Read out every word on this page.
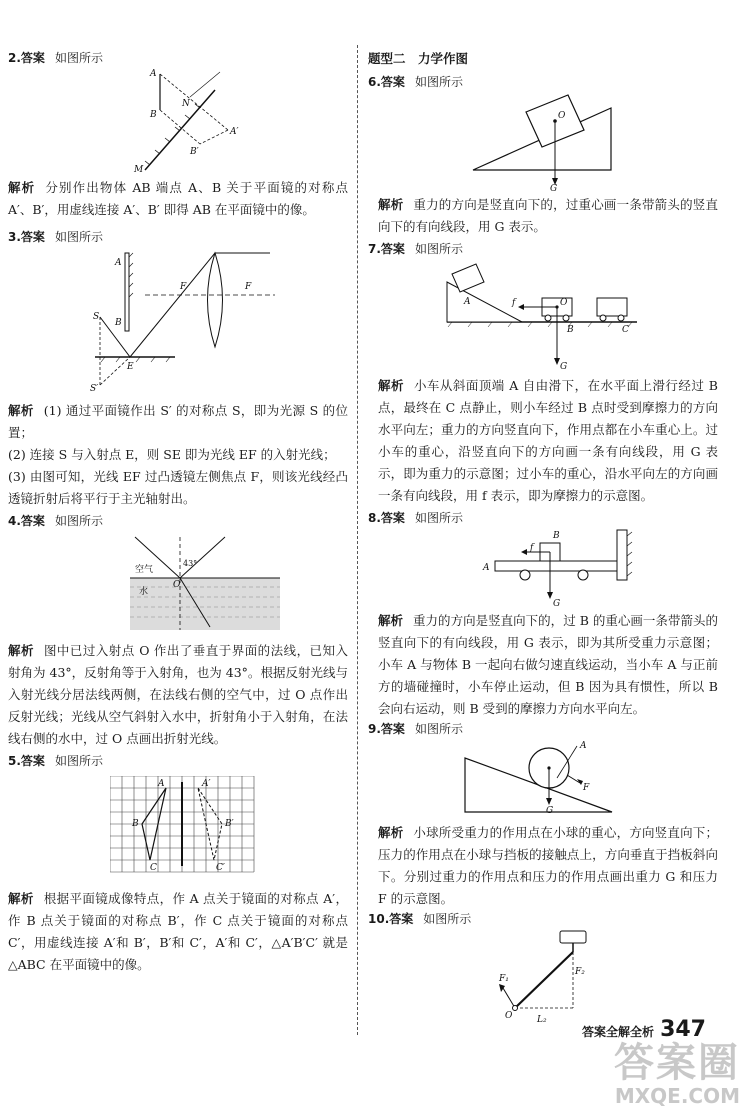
2.答案 如图所示
A
B
N
A′
B′
M
解析 分别作出物体 AB 端点 A、B 关于平面镜的对称点 A′、B′，用虚线连接 A′、B′ 即得 AB 在平面镜中的像。
3.答案 如图所示
A
B
S
F	F
E
S′

解析 (1) 通过平面镜作出 S′ 的对称点 S，即为光源 S 的位置；

(2) 连接 S 与入射点 E，则 SE 即为光线 EF 的入射光线；

(3) 由图可知，光线 EF 过凸透镜左侧焦点 F，则该光线经凸透镜折射后将平行于主光轴射出。

4.答案 如图所示
43°
空气
水
O
解析 图中已过入射点 O 作出了垂直于界面的法线，已知入射角为 43°，反射角等于入射角，也为 43°。根据反射光线与入射光线分居法线两侧，在法线右侧的空气中，过 O 点作出反射光线；光线从空气斜射入水中，折射角小于入射角，在法线右侧的水中，过 O 点画出折射光线。
5.答案 如图所示
A
B
C
A′
B′
C′
解析 根据平面镜成像特点，作 A 点关于镜面的对称点 A′，作 B 点关于镜面的对称点 B′，作 C 点关于镜面的对称点 C′，用虚线连接 A′和 B′，B′和 C′，A′和 C′，△A′B′C′ 就是△ABC 在平面镜中的像。
题型二　力学作图
6.答案 如图所示
O
G
解析 重力的方向是竖直向下的，过重心画一条带箭头的竖直向下的有向线段，用 G 表示。
7.答案 如图所示
A	f	O
B	C
G
解析 小车从斜面顶端 A 自由滑下，在水平面上滑行经过 B 点，最终在 C 点静止，则小车经过 B 点时受到摩擦力的方向水平向左；重力的方向竖直向下，作用点都在小车重心上。过小车的重心，沿竖直向下的方向画一条有向线段，用 G 表示，即为重力的示意图；过小车的重心，沿水平向左的方向画一条有向线段，用 f 表示，即为摩擦力的示意图。
8.答案 如图所示
B
f
A
G
解析 重力的方向是竖直向下的，过 B 的重心画一条带箭头的竖直向下的有向线段，用 G 表示，即为其所受重力示意图；小车 A 与物体 B 一起向右做匀速直线运动，当小车 A 与正前方的墙碰撞时，小车停止运动，但 B 因为具有惯性，所以 B 会向右运动，则 B 受到的摩擦力方向水平向左。
9.答案 如图所示
A
F
G
解析 小球所受重力的作用点在小球的重心，方向竖直向下；压力的作用点在小球与挡板的接触点上，方向垂直于挡板斜向下。分别过重力的作用点和压力的作用点画出重力 G 和压力 F 的示意图。
10.答案 如图所示
F₁
F₂
O	L₂
答案全解全析 347
答案圈
MXQE.COM
